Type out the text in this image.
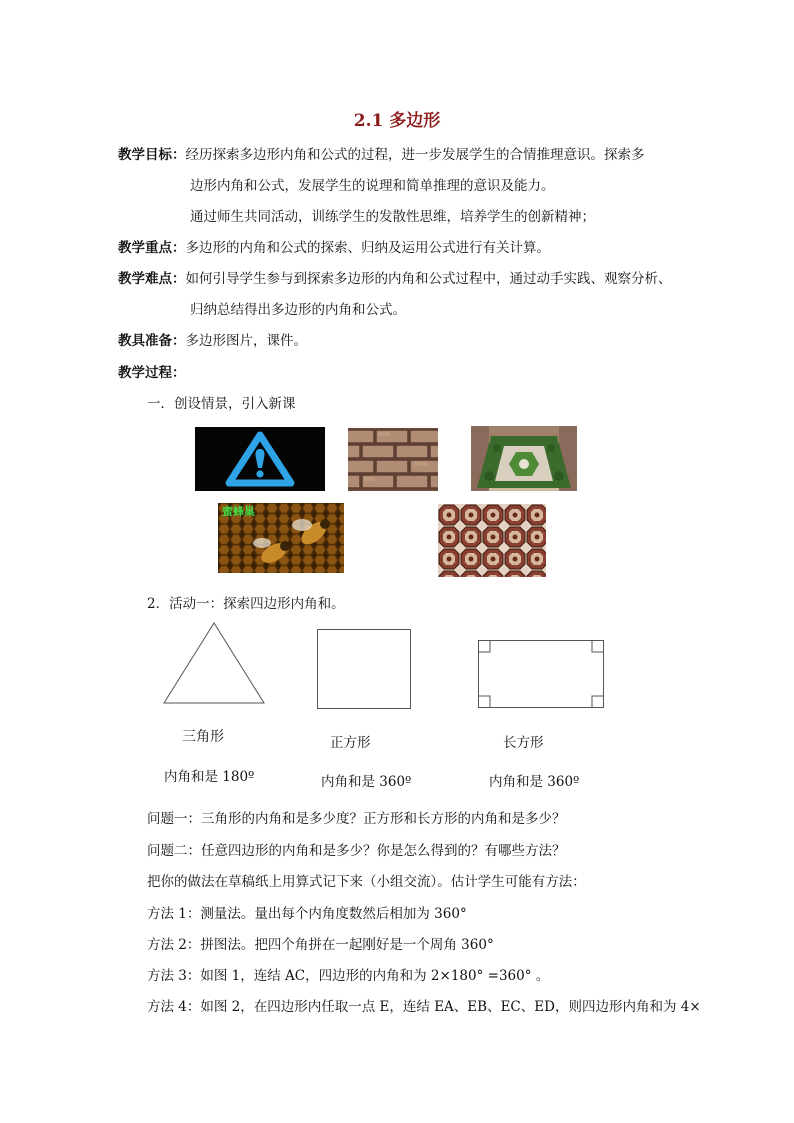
2.1 多边形
教学目标：经历探索多边形内角和公式的过程，进一步发展学生的合情推理意识。探索多
边形内角和公式，发展学生的说理和简单推理的意识及能力。
通过师生共同活动，训练学生的发散性思维，培养学生的创新精神；
教学重点：多边形的内角和公式的探索、归纳及运用公式进行有关计算。
教学难点：如何引导学生参与到探索多边形的内角和公式过程中，通过动手实践、观察分析、
归纳总结得出多边形的内角和公式。
教具准备：多边形图片，课件。
教学过程：
一．创设情景，引入新课
蜜蜂巢
2．活动一：探索四边形内角和。
三角形	正方形	长方形
内角和是 180º	内角和是 360º	内角和是 360º
问题一：三角形的内角和是多少度？正方形和长方形的内角和是多少？
问题二：任意四边形的内角和是多少？你是怎么得到的？有哪些方法？
把你的做法在草稿纸上用算式记下来（小组交流）。估计学生可能有方法：
方法 1：测量法。量出每个内角度数然后相加为 360°
方法 2：拼图法。把四个角拼在一起刚好是一个周角 360°
方法 3：如图 1，连结 AC，四边形的内角和为 2×180° =360° 。
方法 4：如图 2，在四边形内任取一点 E，连结 EA、EB、EC、ED，则四边形内角和为 4×
